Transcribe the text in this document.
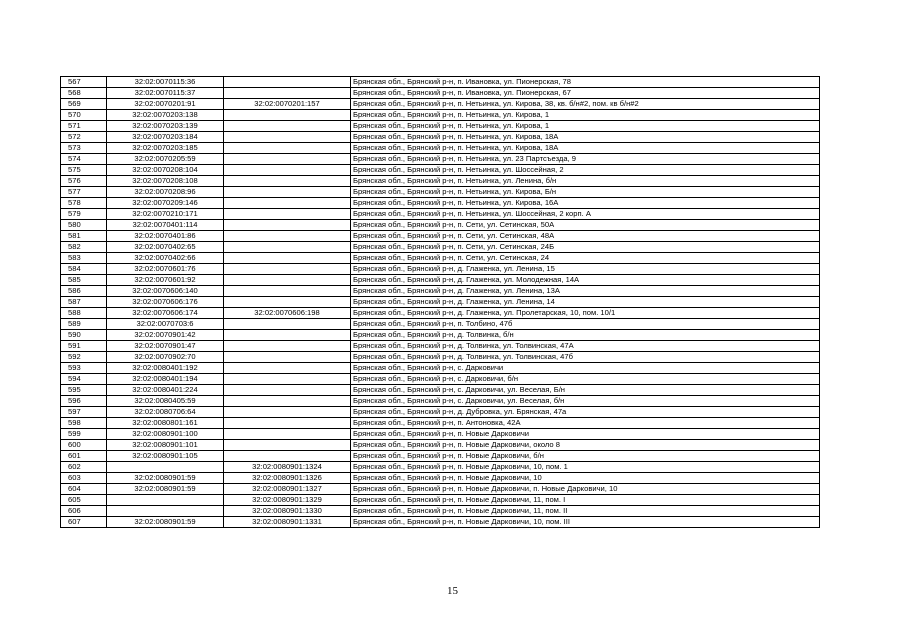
567	32:02:0070115:36		Брянская обл., Брянский р-н, п. Ивановка, ул. Пионерская, 78
568	32:02:0070115:37		Брянская обл., Брянский р-н, п. Ивановка, ул. Пионерская, 67
569	32:02:0070201:91	32:02:0070201:157	Брянская обл., Брянский р-н, п. Нетьинка, ул. Кирова, 38, кв. б/н#2, пом. кв б/н#2
570	32:02:0070203:138		Брянская обл., Брянский р-н, п. Нетьинка, ул. Кирова, 1
571	32:02:0070203:139		Брянская обл., Брянский р-н, п. Нетьинка, ул. Кирова, 1
572	32:02:0070203:184		Брянская обл., Брянский р-н, п. Нетьинка, ул. Кирова, 18А
573	32:02:0070203:185		Брянская обл., Брянский р-н, п. Нетьинка, ул. Кирова, 18А
574	32:02:0070205:59		Брянская обл., Брянский р-н, п. Нетьинка, ул. 23 Партсъезда, 9
575	32:02:0070208:104		Брянская обл., Брянский р-н, п. Нетьинка, ул. Шоссейная, 2
576	32:02:0070208:108		Брянская обл., Брянский р-н, п. Нетьинка, ул. Ленина, б/н
577	32:02:0070208:96		Брянская обл., Брянский р-н, п. Нетьинка, ул. Кирова, Б/н
578	32:02:0070209:146		Брянская обл., Брянский р-н, п. Нетьинка, ул. Кирова, 16А
579	32:02:0070210:171		Брянская обл., Брянский р-н, п. Нетьинка, ул. Шоссейная, 2 корп. А
580	32:02:0070401:114		Брянская обл., Брянский р-н, п. Сети, ул. Сетинская, 50А
581	32:02:0070401:86		Брянская обл., Брянский р-н, п. Сети, ул. Сетинская, 48А
582	32:02:0070402:65		Брянская обл., Брянский р-н, п. Сети, ул. Сетинская, 24Б
583	32:02:0070402:66		Брянская обл., Брянский р-н, п. Сети, ул. Сетинская, 24
584	32:02:0070601:76		Брянская обл., Брянский р-н, д. Глаженка, ул. Ленина, 15
585	32:02:0070601:92		Брянская обл., Брянский р-н, д. Глаженка, ул. Молодежная, 14А
586	32:02:0070606:140		Брянская обл., Брянский р-н, д. Глаженка, ул. Ленина, 13А
587	32:02:0070606:176		Брянская обл., Брянский р-н, д. Глаженка, ул. Ленина, 14
588	32:02:0070606:174	32:02:0070606:198	Брянская обл., Брянский р-н, д. Глаженка, ул. Пролетарская, 10, пом. 10/1
589	32:02:0070703:6		Брянская обл., Брянский р-н, п. Толбино, 47б
590	32:02:0070901:42		Брянская обл., Брянский р-н, д. Толвинка, б/н
591	32:02:0070901:47		Брянская обл., Брянский р-н, д. Толвинка, ул. Толвинская, 47А
592	32:02:0070902:70		Брянская обл., Брянский р-н, д. Толвинка, ул. Толвинская, 47б
593	32:02:0080401:192		Брянская обл., Брянский р-н, с. Дарковичи
594	32:02:0080401:194		Брянская обл., Брянский р-н, с. Дарковичи, б/н
595	32:02:0080401:224		Брянская обл., Брянский р-н, с. Дарковичи, ул. Веселая, Б/н
596	32:02:0080405:59		Брянская обл., Брянский р-н, с. Дарковичи, ул. Веселая, б/н
597	32:02:0080706:64		Брянская обл., Брянский р-н, д. Дубровка, ул. Брянская, 47а
598	32:02:0080801:161		Брянская обл., Брянский р-н, п. Антоновка, 42А
599	32:02:0080901:100		Брянская обл., Брянский р-н, п. Новые Дарковичи
600	32:02:0080901:101		Брянская обл., Брянский р-н, п. Новые Дарковичи, около 8
601	32:02:0080901:105		Брянская обл., Брянский р-н, п. Новые Дарковичи, б/н
602		32:02:0080901:1324	Брянская обл., Брянский р-н, п. Новые Дарковичи, 10, пом. 1
603	32:02:0080901:59	32:02:0080901:1326	Брянская обл., Брянский р-н, п. Новые Дарковичи, 10
604	32:02:0080901:59	32:02:0080901:1327	Брянская обл., Брянский р-н, п. Новые Дарковичи, п. Новые Дарковичи, 10
605		32:02:0080901:1329	Брянская обл., Брянский р-н, п. Новые Дарковичи, 11, пом. I
606		32:02:0080901:1330	Брянская обл., Брянский р-н, п. Новые Дарковичи, 11, пом. II
607	32:02:0080901:59	32:02:0080901:1331	Брянская обл., Брянский р-н, п. Новые Дарковичи, 10, пом. III
15
